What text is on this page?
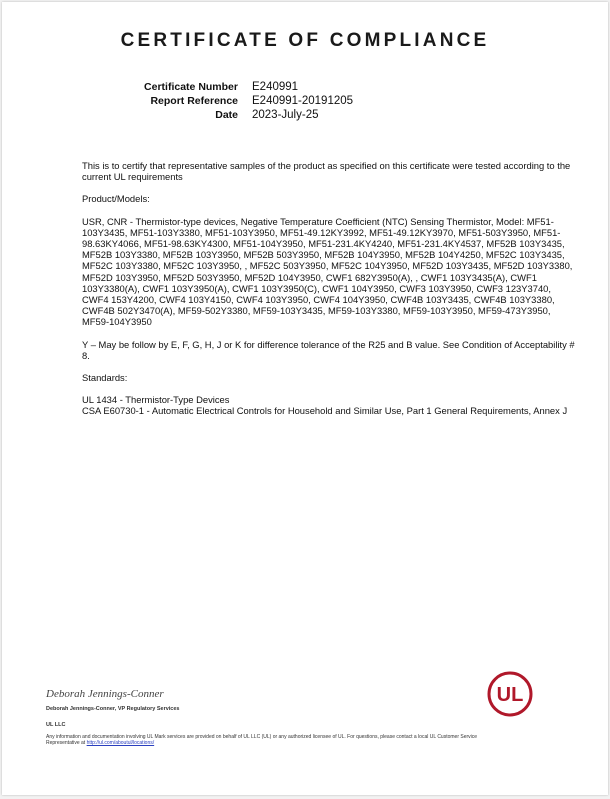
CERTIFICATE OF COMPLIANCE
Certificate Number E240991
Report Reference E240991-20191205
Date 2023-July-25

This is to certify that representative samples of the product as specified on this certificate were tested according to the current UL requirements

Product/Models:

USR, CNR - Thermistor-type devices, Negative Temperature Coefficient (NTC) Sensing Thermistor, Model: MF51-103Y3435, MF51-103Y3380, MF51-103Y3950, MF51-49.12KY3992, MF51-49.12KY3970, MF51-503Y3950, MF51-98.63KY4066, MF51-98.63KY4300, MF51-104Y3950, MF51-231.4KY4240, MF51-231.4KY4537, MF52B 103Y3435, MF52B 103Y3380, MF52B 103Y3950, MF52B 503Y3950, MF52B 104Y3950, MF52B 104Y4250, MF52C 103Y3435, MF52C 103Y3380, MF52C 103Y3950, , MF52C 503Y3950, MF52C 104Y3950, MF52D 103Y3435, MF52D 103Y3380, MF52D 103Y3950, MF52D 503Y3950, MF52D 104Y3950, CWF1 682Y3950(A), , CWF1 103Y3435(A), CWF1 103Y3380(A), CWF1 103Y3950(A), CWF1 103Y3950(C), CWF1 104Y3950, CWF3 103Y3950, CWF3 123Y3740, CWF4 153Y4200, CWF4 103Y4150, CWF4 103Y3950, CWF4 104Y3950, CWF4B 103Y3435, CWF4B 103Y3380, CWF4B 502Y3470(A), MF59-502Y3380, MF59-103Y3435, MF59-103Y3380, MF59-103Y3950, MF59-473Y3950, MF59-104Y3950

Y – May be follow by E, F, G, H, J or K for difference tolerance of the R25 and B value. See Condition of Acceptability # 8.

Standards:

UL 1434 - Thermistor-Type Devices
CSA E60730-1 - Automatic Electrical Controls for Household and Similar Use, Part 1 General Requirements, Annex J
Deborah Jennings-Conner
Deborah Jennings-Conner, VP Regulatory Services
UL LLC
Any information and documentation involving UL Mark services are provided on behalf of UL LLC (UL) or any authorized licensee of UL. For questions, please contact a local UL Customer Service Representative at http://ul.com/aboutul/locations/
UL
